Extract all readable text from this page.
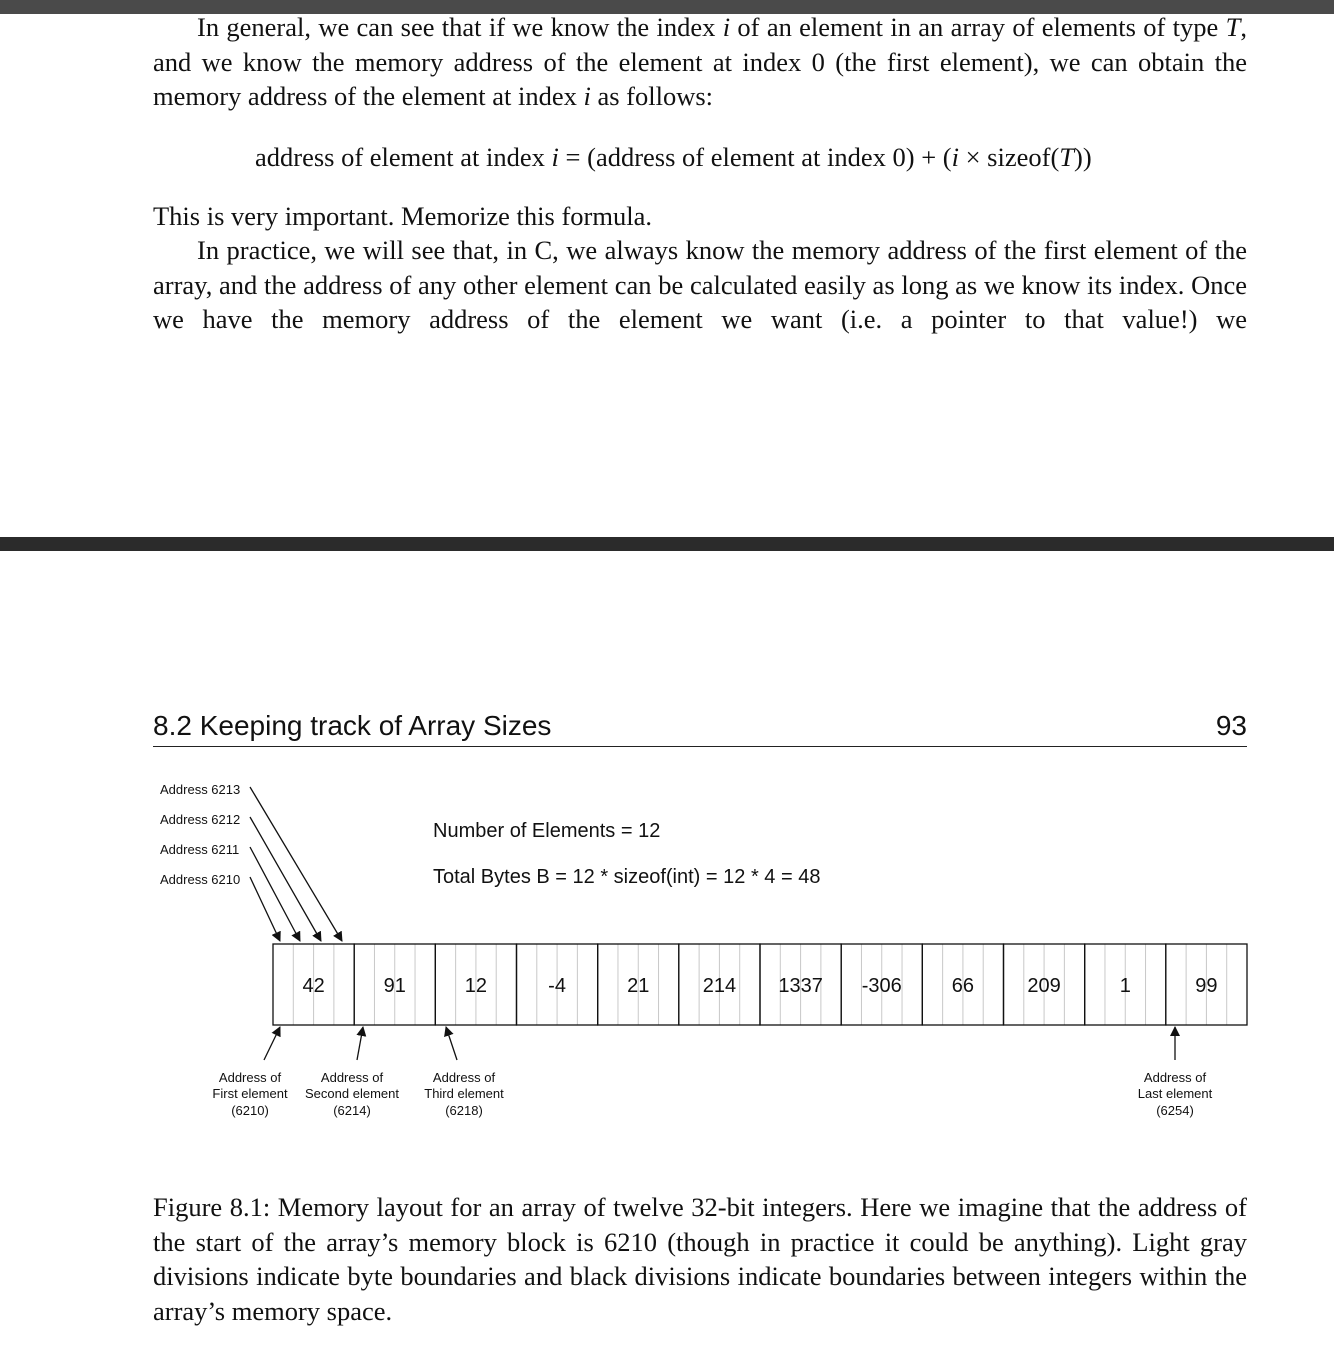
In general, we can see that if we know the index i of an element in an array of elements of type T, and we know the memory address of the element at index 0 (the first element), we can obtain the memory address of the element at index i as follows:

address of element at index i = (address of element at index 0) + (i × sizeof(T))

This is very important. Memorize this formula.

In practice, we will see that, in C, we always know the memory address of the first element of the array, and the address of any other element can be calculated easily as long as we know its index. Once we have the memory address of the element we want (i.e. a pointer to that value!) we

8.2 Keeping track of Array Sizes	93
Address 6213
Address 6212
Address 6211
Address 6210
Number of Elements = 12
Total Bytes B = 12 * sizeof(int) = 12 * 4 = 48
42	91	12	-4	21	214 1337 -306	66	209	1	99
Address of
First element
(6210)
Address of
Second element
(6214)
Address of
Third element
(6218)
Address of
Last element
(6254)

Figure 8.1: Memory layout for an array of twelve 32-bit integers. Here we imagine that the address of the start of the array’s memory block is 6210 (though in practice it could be anything). Light gray divisions indicate byte boundaries and black divisions indicate boundaries between integers within the array’s memory space.
